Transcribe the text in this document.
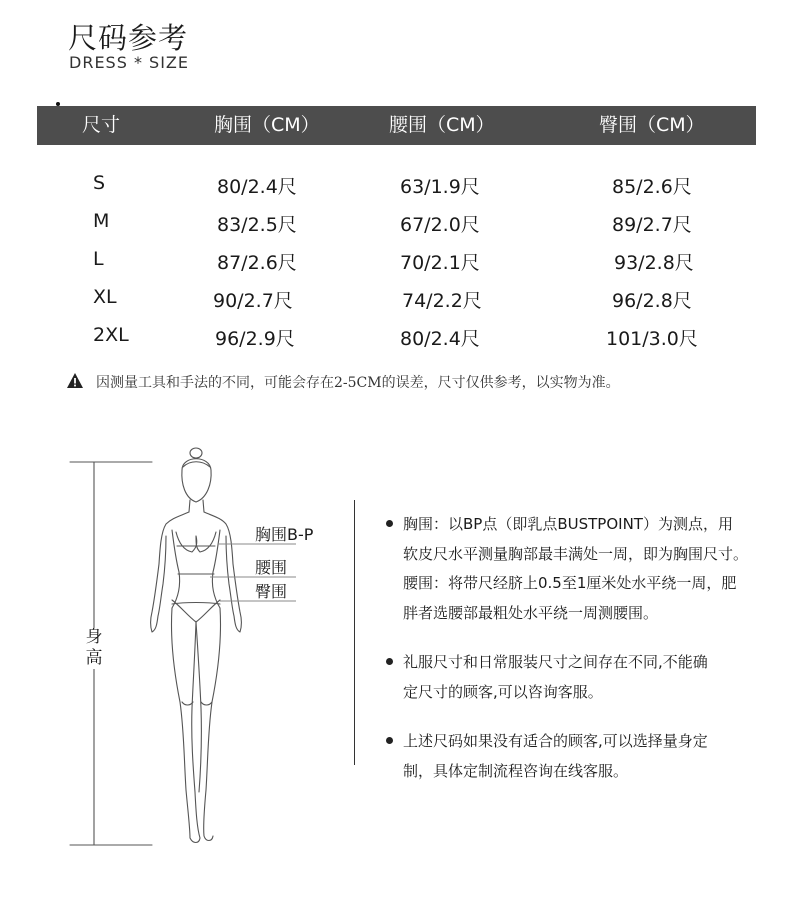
尺码参考
DRESS * SIZE
尺寸	胸围（CM）	腰围（CM）	臀围（CM）
S	80/2.4尺	63/1.9尺	85/2.6尺
M	83/2.5尺	67/2.0尺	89/2.7尺
L	87/2.6尺	70/2.1尺	93/2.8尺
XL	90/2.7尺	74/2.2尺	96/2.8尺
2XL	96/2.9尺	80/2.4尺	101/3.0尺
因测量工具和手法的不同，可能会存在2-5CM的误差，尺寸仅供参考，以实物为准。
身
高
胸围B-P
腰围
臀围
胸围：以BP点（即乳点BUSTPOINT）为测点，用
软皮尺水平测量胸部最丰满处一周，即为胸围尺寸。
腰围：将带尺经脐上0.5至1厘米处水平绕一周，肥
胖者选腰部最粗处水平绕一周测腰围。
礼服尺寸和日常服装尺寸之间存在不同,不能确
定尺寸的顾客,可以咨询客服。
上述尺码如果没有适合的顾客,可以选择量身定
制，具体定制流程咨询在线客服。
